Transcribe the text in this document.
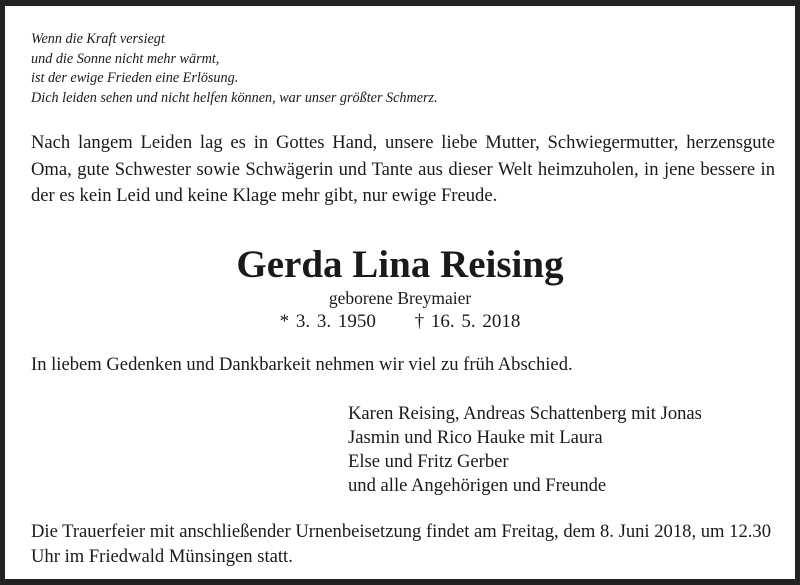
Wenn die Kraft versiegt
und die Sonne nicht mehr wärmt,
ist der ewige Frieden eine Erlösung.
Dich leiden sehen und nicht helfen können, war unser größter Schmerz.
Nach langem Leiden lag es in Gottes Hand, unsere liebe Mutter, Schwiegermutter, herzensgute Oma, gute Schwester sowie Schwägerin und Tante aus dieser Welt heimzuholen, in jene bessere in der es kein Leid und keine Klage mehr gibt, nur ewige Freude.
Gerda Lina Reising
geborene Breymaier
* 3. 3. 1950 † 16. 5. 2018
In liebem Gedenken und Dankbarkeit nehmen wir viel zu früh Abschied.
Karen Reising, Andreas Schattenberg mit Jonas
Jasmin und Rico Hauke mit Laura
Else und Fritz Gerber
und alle Angehörigen und Freunde
Die Trauerfeier mit anschließender Urnenbeisetzung findet am Freitag, dem 8. Juni 2018, um 12.30 Uhr im Friedwald Münsingen statt.
